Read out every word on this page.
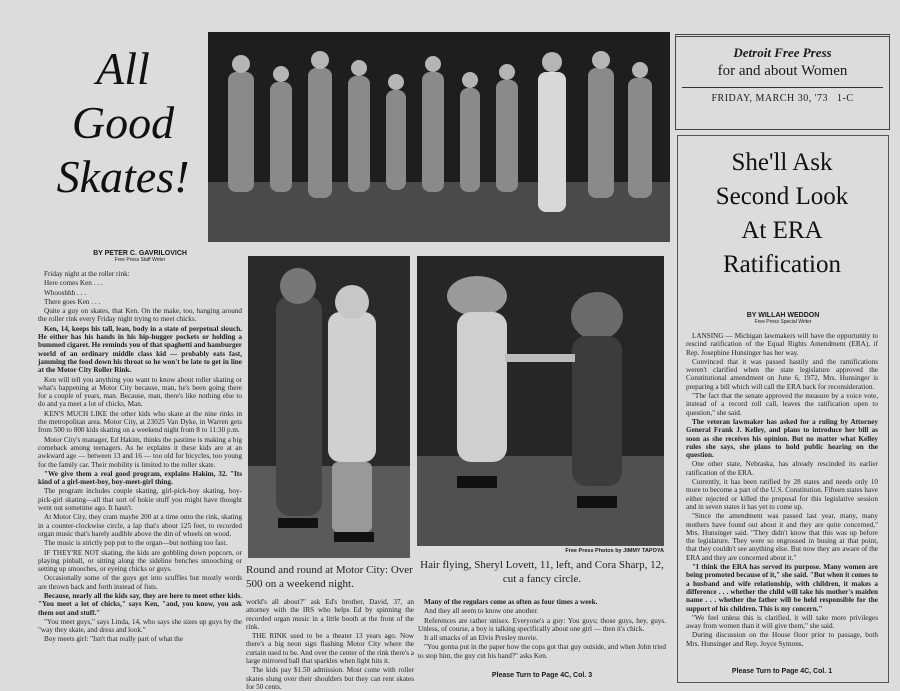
All
Good
Skates!
Detroit Free Press
for and about Women
FRIDAY, MARCH 30, '73 1-C
She'll Ask
Second Look
At ERA
Ratification
BY WILLAH WEDDON
Free Press Special Writer

LANSING — Michigan lawmakers will have the opportunity to rescind ratification of the Equal Rights Amendment (ERA), if Rep. Josephine Hunsinger has her way.

Convinced that it was passed hastily and the ramifications weren't clarified when the state legislature approved the Constitutional amendment on June 6, 1972, Mrs. Hunsinger is preparing a bill which will call the ERA back for reconsideration.

"The fact that the senate approved the measure by a voice vote, instead of a record roll call, leaves the ratification open to question," she said.

The veteran lawmaker has asked for a ruling by Attorney General Frank J. Kelley, and plans to introduce her bill as soon as she receives his opinion. But no matter what Kelley rules she says, she plans to hold public hearing on the question.

One other state, Nebraska, has already rescinded its earlier ratification of the ERA.

Currently, it has been ratified by 28 states and needs only 10 more to become a part of the U.S. Constitution. Fifteen states have either rejected or killed the proposal for this legislative session and in seven states it has yet to come up.

"Since the amendment was passed last year, many, many mothers have found out about it and they are quite concerned," Mrs. Hunsinger said. "They didn't know that this was up before the legislature. They were so engrossed in busing at that point, that they couldn't see anything else. But now they are aware of the ERA and they are concerned about it."

"I think the ERA has served its purpose. Many women are being promoted because of it," she said. "But when it comes to a husband and wife relationship, with children, it makes a difference . . . whether the child will take his mother's maiden name . . . whether the father will be held responsible for the support of his children. This is my concern."

"We feel unless this is clarified, it will take more privileges away from women than it will give them," she said.

During discussion on the House floor prior to passage, both Mrs. Hunsinger and Rep. Joyce Symons,

Please Turn to Page 4C, Col. 1
BY PETER C. GAVRILOVICH
Free Press Staff Writer

Friday night at the roller rink:

Here comes Ken . . .

Whooshhh . . .

There goes Ken . . .

Quite a guy on skates, that Ken. On the make, too, hanging around the roller rink every Friday night trying to meet chicks.

Ken, 14, keeps his tall, lean, body in a state of perpetual slouch. He either has his hands in his hip-hugger pockets or holding a bummed cigaret. He reminds you of that spaghetti and hamburger world of an ordinary middle class kid — probably eats fast, jamming the food down his throat so he won't be late to get in line at the Motor City Roller Rink.

Ken will tell you anything you want to know about roller skating or what's happening at Motor City because, man, he's been going there for a couple of years, man. Because, man, there's like nothing else to do and ya meet a lot of chicks, Man.

KEN'S MUCH LIKE the other kids who skate at the nine rinks in the metropolitan area. Motor City, at 23025 Van Dyke, in Warren gets from 500 to 800 kids skating on a weekend night from 8 to 11:30 p.m.

Motor City's manager, Ed Hakim, thinks the pastime is making a big comeback among teenagers. As he explains it these kids are at an awkward age — between 13 and 16 — too old for bicycles, too young for the family car. Their mobility is limited to the roller skate.

"We give them a real good program, explains Hakim, 32. "Its kind of a girl-meet-boy, boy-meet-girl thing.

The program includes couple skating, girl-pick-boy skating, boy-pick-girl skating—all that sort of hokie stuff you might have thought went out sometime ago. It hasn't.

At Motor City, they cram maybe 200 at a time onto the rink, skating in a counter-clockwise circle, a lap that's about 125 feet, to recorded organ music that's barely audible above the din of wheels on wood.

The music is strictly pop put to the organ—but nothing too fast.

IF THEY'RE NOT skating, the kids are gobbling down popcorn, or playing pinball, or sitting along the sideline benches smooching or setting up smooches, or eyeing chicks or guys.

Occasionally some of the guys get into scuffles but mostly words are thrown back and forth instead of fists.

Because, nearly all the kids say, they are here to meet other kids. "You meet a lot of chicks," says Ken, "and, you know, you ask them out and stuff."

"You meet guys," says Linda, 14, who says she sizes up guys by the "way they skate, and dress and look."

Boy meets girl: "Isn't that really part of what the

Round and round at Motor City: Over 500 on a weekend night.
Free Press Photos by JIMMY TAPOYA
Hair flying, Sheryl Lovett, 11, left, and Cora Sharp, 12, cut a fancy circle.

world's all about?" ask Ed's brother, David, 37, an attorney with the IRS who helps Ed by spinning the recorded organ music in a little booth at the front of the rink.

THE RINK used to be a theater 13 years ago. Now there's a big neon sign flashing Motor City where the curtain used to be. And over the center of the rink there's a large mirrored ball that sparkles when light hits it.

The kids pay $1.50 admission. Most come with roller skates slung over their shoulders but they can rent skates for 50 cents.

Many of the regulars come as often as four times a week.

And they all seem to know one another.

References are rather unisex. Everyone's a guy: You guys; those guys, hey, guys. Unless, of course, a boy is talking specifically about one girl — then it's chick.

It all smacks of an Elvis Presley movie.

"You gonna put in the paper how the cops got that guy outside, and when John tried to stop him, the guy cut his hand?" asks Ken.

Please Turn to Page 4C, Col. 3
